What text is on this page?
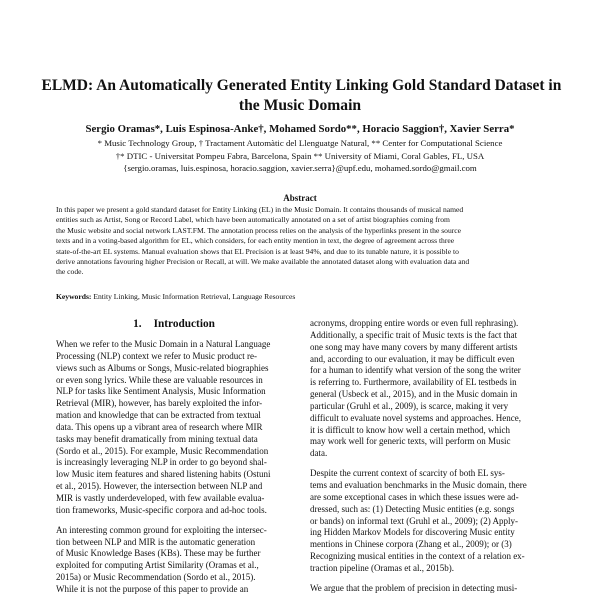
ELMD: An Automatically Generated Entity Linking Gold Standard Dataset in
the Music Domain
Sergio Oramas*, Luis Espinosa-Anke†, Mohamed Sordo**, Horacio Saggion†, Xavier Serra*
* Music Technology Group, † Tractament Automàtic del Llenguatge Natural, ** Center for Computational Science
†* DTIC - Universitat Pompeu Fabra, Barcelona, Spain ** University of Miami, Coral Gables, FL, USA
{sergio.oramas, luis.espinosa, horacio.saggion, xavier.serra}@upf.edu, mohamed.sordo@gmail.com
Abstract
In this paper we present a gold standard dataset for Entity Linking (EL) in the Music Domain. It contains thousands of musical named
entities such as Artist, Song or Record Label, which have been automatically annotated on a set of artist biographies coming from
the Music website and social network LAST.FM. The annotation process relies on the analysis of the hyperlinks present in the source
texts and in a voting-based algorithm for EL, which considers, for each entity mention in text, the degree of agreement across three
state-of-the-art EL systems. Manual evaluation shows that EL Precision is at least 94%, and due to its tunable nature, it is possible to
derive annotations favouring higher Precision or Recall, at will. We make available the annotated dataset along with evaluation data and
the code.
Keywords: Entity Linking, Music Information Retrieval, Language Resources
1. Introduction
When we refer to the Music Domain in a Natural Language
Processing (NLP) context we refer to Music product re-
views such as Albums or Songs, Music-related biographies
or even song lyrics. While these are valuable resources in
NLP for tasks like Sentiment Analysis, Music Information
Retrieval (MIR), however, has barely exploited the infor-
mation and knowledge that can be extracted from textual
data. This opens up a vibrant area of research where MIR
tasks may benefit dramatically from mining textual data
(Sordo et al., 2015). For example, Music Recommendation
is increasingly leveraging NLP in order to go beyond shal-
low Music item features and shared listening habits (Ostuni
et al., 2015). However, the intersection between NLP and
MIR is vastly underdeveloped, with few available evalua-
tion frameworks, Music-specific corpora and ad-hoc tools.
An interesting common ground for exploiting the intersec-
tion between NLP and MIR is the automatic generation
of Music Knowledge Bases (KBs). These may be further
exploited for computing Artist Similarity (Oramas et al.,
2015a) or Music Recommendation (Sordo et al., 2015).
While it is not the purpose of this paper to provide an
acronyms, dropping entire words or even full rephrasing).
Additionally, a specific trait of Music texts is the fact that
one song may have many covers by many different artists
and, according to our evaluation, it may be difficult even
for a human to identify what version of the song the writer
is referring to. Furthermore, availability of EL testbeds in
general (Usbeck et al., 2015), and in the Music domain in
particular (Gruhl et al., 2009), is scarce, making it very
difficult to evaluate novel systems and approaches. Hence,
it is difficult to know how well a certain method, which
may work well for generic texts, will perform on Music
data.
Despite the current context of scarcity of both EL sys-
tems and evaluation benchmarks in the Music domain, there
are some exceptional cases in which these issues were ad-
dressed, such as: (1) Detecting Music entities (e.g. songs
or bands) on informal text (Gruhl et al., 2009); (2) Apply-
ing Hidden Markov Models for discovering Music entity
mentions in Chinese corpora (Zhang et al., 2009); or (3)
Recognizing musical entities in the context of a relation ex-
traction pipeline (Oramas et al., 2015b).
We argue that the problem of precision in detecting musi-
